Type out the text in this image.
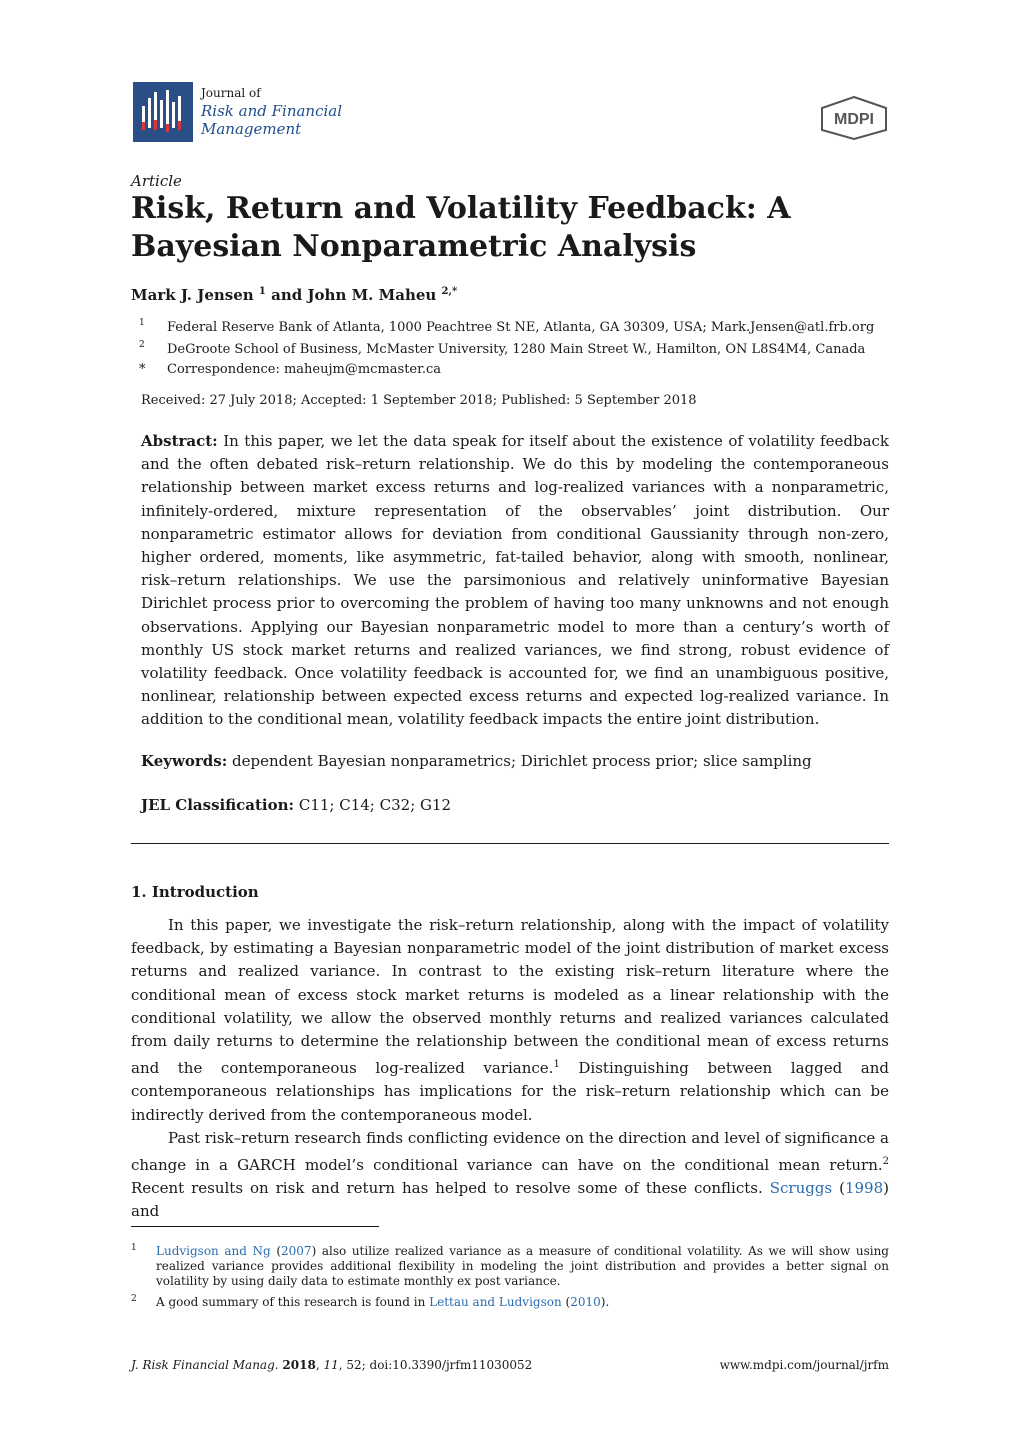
Journal of
Risk and Financial
Management
MDPI
Article
Risk, Return and Volatility Feedback: A Bayesian Nonparametric Analysis
Mark J. Jensen $^1$ and John M. Maheu $^{2,*}$
1 Federal Reserve Bank of Atlanta, 1000 Peachtree St NE, Atlanta, GA 30309, USA; Mark.Jensen@atl.frb.org
2 DeGroote School of Business, McMaster University, 1280 Main Street W., Hamilton, ON L8S4M4, Canada
* Correspondence: maheujm@mcmaster.ca
Received: 27 July 2018; Accepted: 1 September 2018; Published: 5 September 2018
Abstract: In this paper, we let the data speak for itself about the existence of volatility feedback and the often debated risk–return relationship. We do this by modeling the contemporaneous relationship between market excess returns and log-realized variances with a nonparametric, infinitely-ordered, mixture representation of the observables’ joint distribution. Our nonparametric estimator allows for deviation from conditional Gaussianity through non-zero, higher ordered, moments, like asymmetric, fat-tailed behavior, along with smooth, nonlinear, risk–return relationships. We use the parsimonious and relatively uninformative Bayesian Dirichlet process prior to overcoming the problem of having too many unknowns and not enough observations. Applying our Bayesian nonparametric model to more than a century’s worth of monthly US stock market returns and realized variances, we find strong, robust evidence of volatility feedback. Once volatility feedback is accounted for, we find an unambiguous positive, nonlinear, relationship between expected excess returns and expected log-realized variance. In addition to the conditional mean, volatility feedback impacts the entire joint distribution.
Keywords: dependent Bayesian nonparametrics; Dirichlet process prior; slice sampling
JEL Classification: C11; C14; C32; G12
1. Introduction

In this paper, we investigate the risk–return relationship, along with the impact of volatility feedback, by estimating a Bayesian nonparametric model of the joint distribution of market excess returns and realized variance. In contrast to the existing risk–return literature where the conditional mean of excess stock market returns is modeled as a linear relationship with the conditional volatility, we allow the observed monthly returns and realized variances calculated from daily returns to determine the relationship between the conditional mean of excess returns and the contemporaneous log-realized variance.$^1$ Distinguishing between lagged and contemporaneous relationships has implications for the risk–return relationship which can be indirectly derived from the contemporaneous model.

Past risk–return research finds conflicting evidence on the direction and level of significance a change in a GARCH model’s conditional variance can have on the conditional mean return.$^2$ Recent results on risk and return has helped to resolve some of these conflicts. Scruggs (1998) and

1 Ludvigson and Ng (2007) also utilize realized variance as a measure of conditional volatility. As we will show using realized variance provides additional flexibility in modeling the joint distribution and provides a better signal on volatility by using daily data to estimate monthly ex post variance.
2 A good summary of this research is found in Lettau and Ludvigson (2010).
J. Risk Financial Manag. 2018, 11, 52; doi:10.3390/jrfm11030052	www.mdpi.com/journal/jrfm
